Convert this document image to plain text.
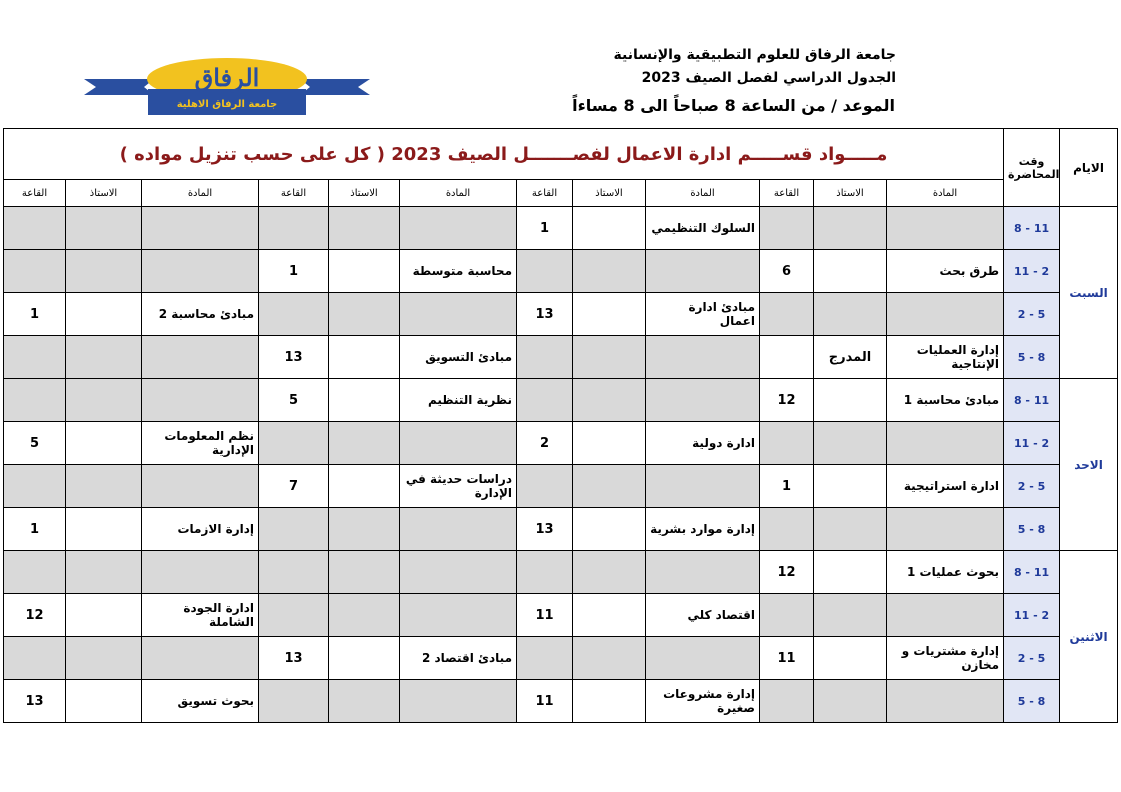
الرفاق
جامعة الرفاق الاهلية
جامعة الرفاق للعلوم التطبيقية والإنسانية
الجدول الدراسي لفصل الصيف 2023
الموعد / من الساعة 8 صباحاً الى 8 مساءاً
مـــــواد قســـــم ادارة الاعمال لفصـــــــل الصيف 2023 ( كل على حسب تنزيل مواده )												وقت
المحاضرة	الايام
القاعة	الاستاذ	المادة	القاعة	الاستاذ	المادة	القاعة	الاستاذ	المادة	القاعة	الاستاذ	المادة		
						1		السلوك التنظيمي				8 - 11	السبت
			1		محاسبة متوسطة				6		طرق بحث	11 - 2	
1		مبادئ محاسبة 2				13		مبادئ ادارة اعمال				2 - 5	
			13		مبادئ التسويق					المدرج	إدارة العمليات الإنتاجية	5 - 8	
			5		نظرية التنظيم				12		مبادئ محاسبة 1	8 - 11	الاحد
5		نظم المعلومات الإدارية				2		ادارة دولية				11 - 2	
			7		دراسات حديثة في الإدارة				1		ادارة استراتيجية	2 - 5	
1		إدارة الازمات				13		إدارة موارد بشرية				5 - 8	
									12		بحوث عمليات 1	8 - 11	الاثنين
12		ادارة الجودة الشاملة				11		اقتصاد كلي				11 - 2	
			13		مبادئ اقتصاد 2				11		إدارة مشتريات و مخازن	2 - 5	
13		بحوث تسويق				11		إدارة مشروعات صغيرة				5 - 8	
